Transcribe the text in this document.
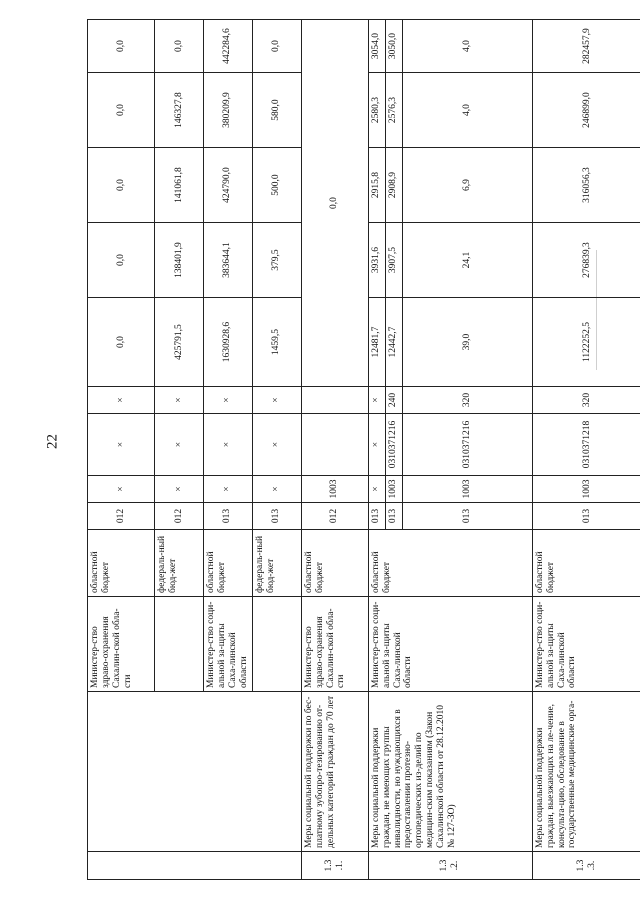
22
		Министер-ство здраво-охранения Сахалин-ской обла-сти	областной бюджет	012	×	×	×	0,0	0,0	0,0	0,0	0,0
			федераль-ный бюд-жет	012	×	×	×	425791,5	138401,9	141061,8	146327,8	0,0
		Министер-ство соци-альной за-щиты Саха-линской области	областной бюджет	013	×	×	×	1630928,6	383644,1	424790,0	380209,9	442284,6
			федераль-ный бюд-жет	013	×	×	×	1459,5	379,5	500,0	580,0	0,0
1.3 .1.	Меры социальной поддержки по бес-платному зубопро-тезированию от-дельных категорий граждан до 70 лет	Министер-ство здраво-охранения Сахалин-ской обла-сти	областной бюджет	012	1003			0,0				
1.3 .2.	Меры социальной поддержки граждан, не имеющих группы инвалидности, но нуждающихся в предоставлении протезно-ортопедических из-делий по медицин-ским показаниям (Закон Сахалинской области от 28.12.2010 № 127-ЗО)	Министер-ство соци-альной за-щиты Саха-линской области	областной бюджет	013	×	×	×	12481,7	3931,6	2915,8	2580,3	3054,0
				013	1003	0310371216	240	12442,7	3907,5	2908,9	2576,3	3050,0
				013	1003	0310371216	320	39,0	24,1	6,9	4,0	4,0
1.3 .3.	Меры социальной поддержки граждан, выезжающих на ле-чение, консульта-цию, обследование в государственные медицинские орга-	Министер-ство соци-альной за-щиты Саха-линской области	областной бюджет	013	1003	0310371218	320	1122252,5	276839,3	316056,3	246899,0	282457,9
